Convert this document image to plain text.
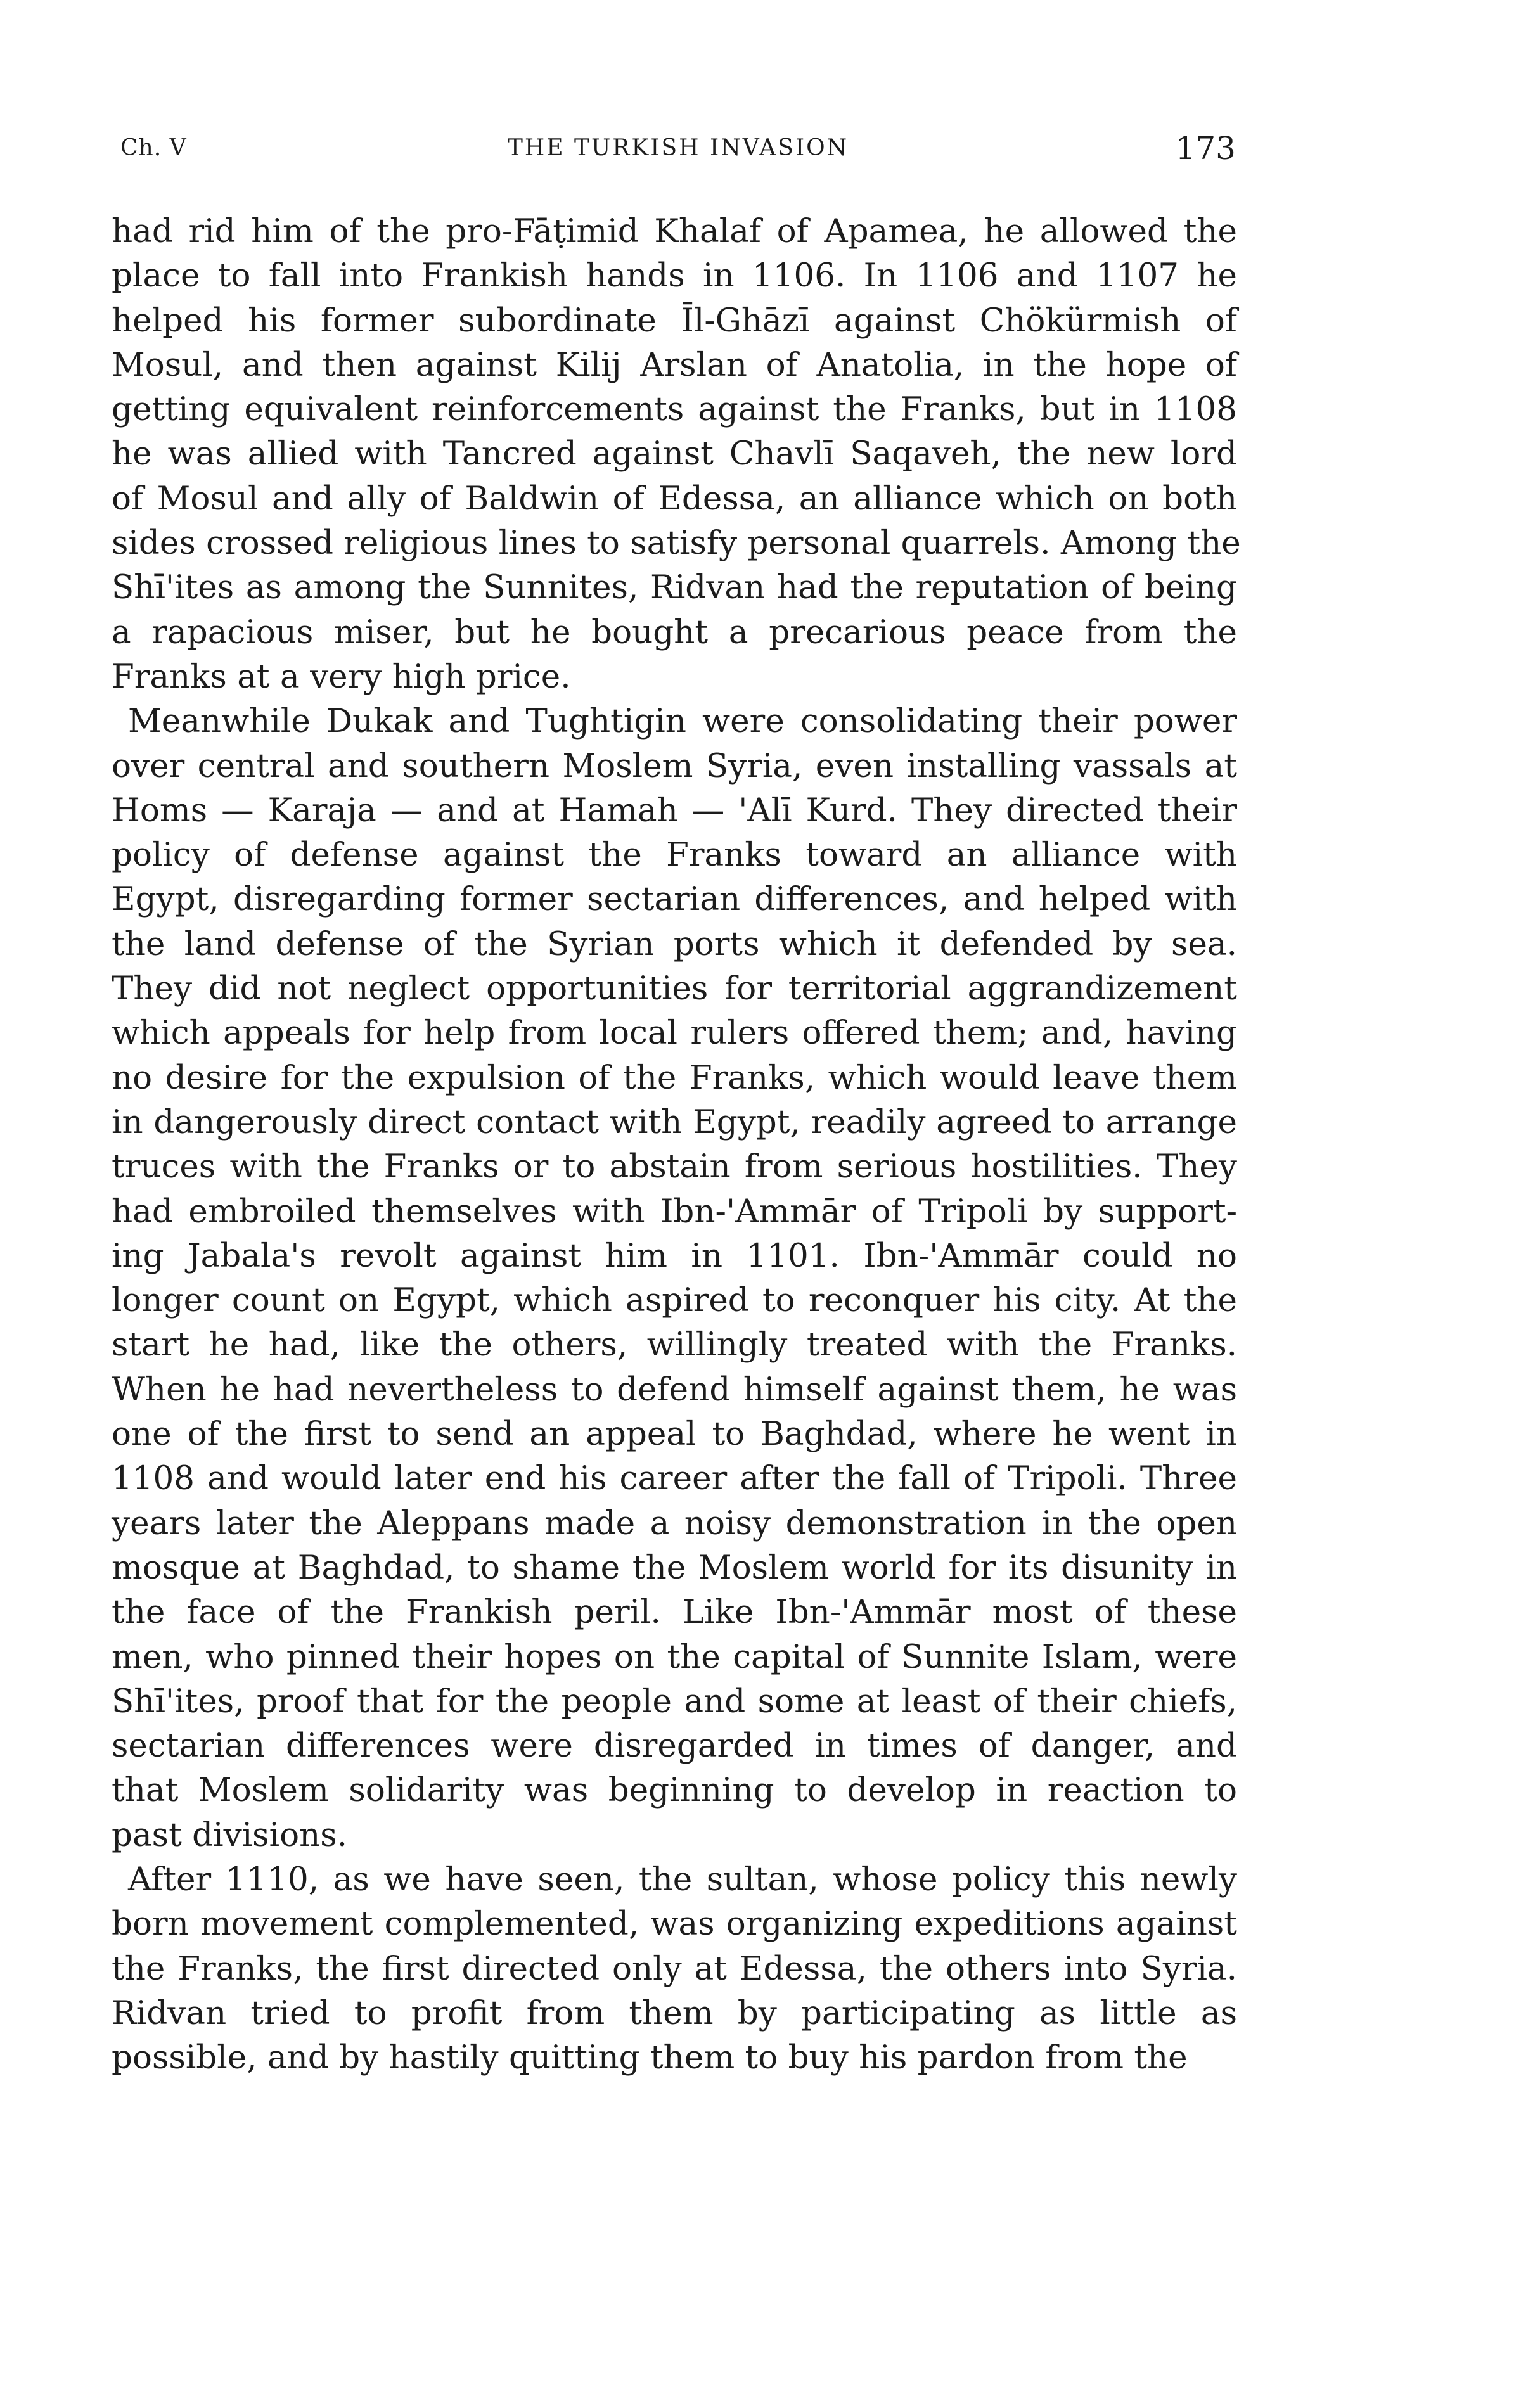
Ch. V	THE TURKISH INVASION	173
had rid him of the pro-Fāṭimid Khalaf of Apamea, he allowed the
place to fall into Frankish hands in 1106. In 1106 and 1107 he
helped his former subordinate Īl-Ghāzī against Chökürmish of
Mosul, and then against Kilij Arslan of Anatolia, in the hope of
getting equivalent reinforcements against the Franks, but in 1108
he was allied with Tancred against Chavlī Saqaveh, the new lord
of Mosul and ally of Baldwin of Edessa, an alliance which on both
sides crossed religious lines to satisfy personal quarrels. Among the
Shī'ites as among the Sunnites, Ridvan had the reputation of being
a rapacious miser, but he bought a precarious peace from the
Franks at a very high price.
Meanwhile Dukak and Tughtigin were consolidating their power
over central and southern Moslem Syria, even installing vassals at
Homs — Karaja — and at Hamah — 'Alī Kurd. They directed their
policy of defense against the Franks toward an alliance with
Egypt, disregarding former sectarian differences, and helped with
the land defense of the Syrian ports which it defended by sea.
They did not neglect opportunities for territorial aggrandizement
which appeals for help from local rulers offered them; and, having
no desire for the expulsion of the Franks, which would leave them
in dangerously direct contact with Egypt, readily agreed to arrange
truces with the Franks or to abstain from serious hostilities. They
had embroiled themselves with Ibn-'Ammār of Tripoli by support-
ing Jabala's revolt against him in 1101. Ibn-'Ammār could no
longer count on Egypt, which aspired to reconquer his city. At the
start he had, like the others, willingly treated with the Franks.
When he had nevertheless to defend himself against them, he was
one of the first to send an appeal to Baghdad, where he went in
1108 and would later end his career after the fall of Tripoli. Three
years later the Aleppans made a noisy demonstration in the open
mosque at Baghdad, to shame the Moslem world for its disunity in
the face of the Frankish peril. Like Ibn-'Ammār most of these
men, who pinned their hopes on the capital of Sunnite Islam, were
Shī'ites, proof that for the people and some at least of their chiefs,
sectarian differences were disregarded in times of danger, and
that Moslem solidarity was beginning to develop in reaction to
past divisions.
After 1110, as we have seen, the sultan, whose policy this newly
born movement complemented, was organizing expeditions against
the Franks, the first directed only at Edessa, the others into Syria.
Ridvan tried to profit from them by participating as little as
possible, and by hastily quitting them to buy his pardon from the
